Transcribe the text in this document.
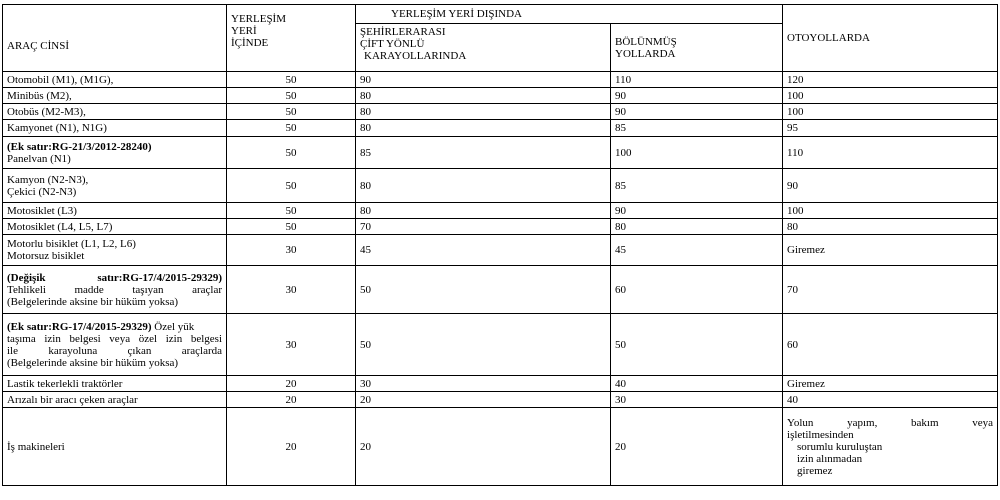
ARAÇ CİNSİ	YERLEŞİM
YERİ
İÇİNDE	YERLEŞİM YERİ DIŞINDA		OTOYOLLARDA

		ŞEHİRLERARASI
ÇİFT YÖNLÜ
KARAYOLLARINDA	BÖLÜNMÜŞ
YOLLARDA	

Otomobil (M1), (M1G),	50	90	110	120
Minibüs (M2),	50	80	90	100
Otobüs (M2-M3),	50	80	90	100
Kamyonet (N1), N1G)	50	80	85	95

(Ek satır:RG-21/3/2012-28240)
Panelvan (N1)	50	85	100	110

Kamyon (N2-N3),
Çekici (N2-N3)	50	80	85	90
Motosiklet (L3)	50	80	90	100
Motosiklet (L4, L5, L7)	50	70	80	80

Motorlu bisiklet (L1, L2, L6)
Motorsuz bisiklet	30	45	45	Giremez

(Değişik satır:RG-17/4/2015-29329)
Tehlikeli madde taşıyan araçlar
(Belgelerinde aksine bir hüküm yoksa)	30	50	60	70

(Ek satır:RG-17/4/2015-29329) Özel yük
taşıma izin belgesi veya özel izin belgesi
ile karayoluna çıkan araçlarda
(Belgelerinde aksine bir hüküm yoksa)	30	50	50	60
Lastik tekerlekli traktörler	20	30	40	Giremez
Arızalı bir aracı çeken araçlar	20	20	30	40
İş makineleri	20	20	20	Yolun yapım, bakım veya
işletilmesinden
sorumlu kuruluştan
izin alınmadan
giremez
